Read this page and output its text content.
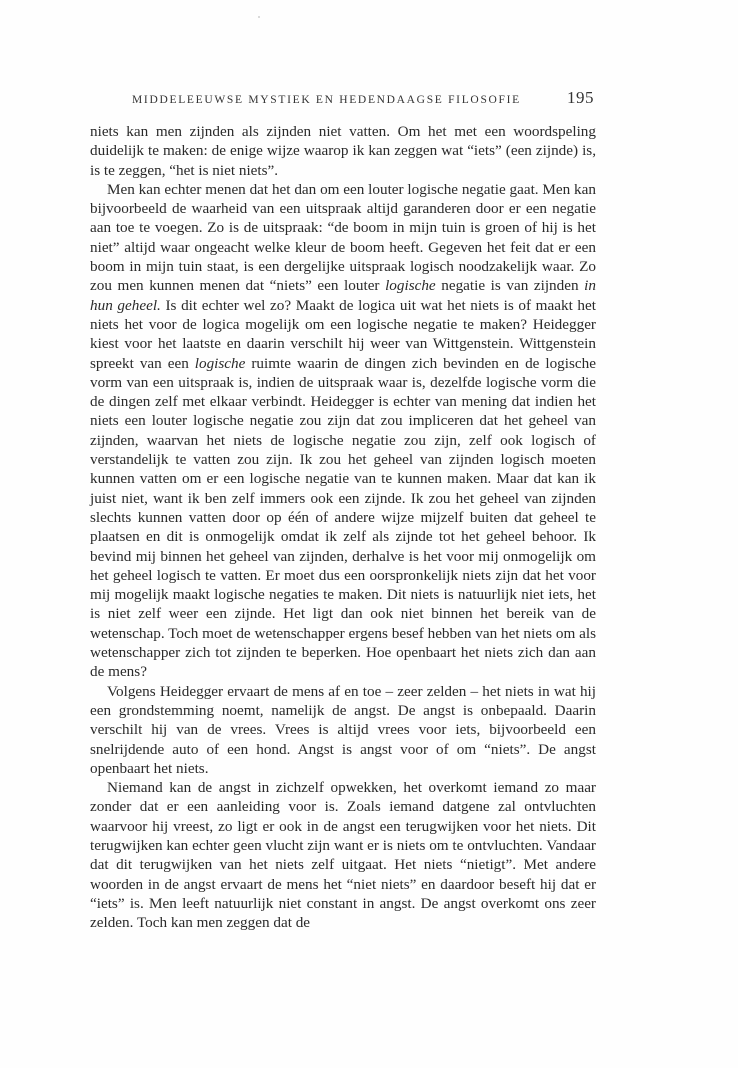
MIDDELEEUWSE MYSTIEK EN HEDENDAAGSE FILOSOFIE	195

niets kan men zijnden als zijnden niet vatten. Om het met een woordspeling duidelijk te maken: de enige wijze waarop ik kan zeggen wat “iets” (een zijnde) is, is te zeggen, “het is niet niets”.

Men kan echter menen dat het dan om een louter logische negatie gaat. Men kan bijvoorbeeld de waarheid van een uitspraak altijd garanderen door er een negatie aan toe te voegen. Zo is de uitspraak: “de boom in mijn tuin is groen of hij is het niet” altijd waar ongeacht welke kleur de boom heeft. Gegeven het feit dat er een boom in mijn tuin staat, is een dergelijke uitspraak logisch noodzakelijk waar. Zo zou men kunnen menen dat “niets” een louter logische negatie is van zijnden in hun geheel. Is dit echter wel zo? Maakt de logica uit wat het niets is of maakt het niets het voor de logica mogelijk om een logische negatie te maken? Heidegger kiest voor het laatste en daarin verschilt hij weer van Wittgenstein. Wittgenstein spreekt van een logische ruimte waarin de dingen zich bevinden en de logische vorm van een uitspraak is, indien de uitspraak waar is, dezelfde logische vorm die de dingen zelf met elkaar verbindt. Heidegger is echter van mening dat indien het niets een louter logische negatie zou zijn dat zou impliceren dat het geheel van zijnden, waarvan het niets de logische negatie zou zijn, zelf ook logisch of verstandelijk te vatten zou zijn. Ik zou het geheel van zijnden logisch moeten kunnen vatten om er een logische negatie van te kunnen maken. Maar dat kan ik juist niet, want ik ben zelf immers ook een zijnde. Ik zou het geheel van zijnden slechts kunnen vatten door op één of andere wijze mijzelf buiten dat geheel te plaatsen en dit is onmogelijk omdat ik zelf als zijnde tot het geheel behoor. Ik bevind mij binnen het geheel van zijnden, derhalve is het voor mij onmogelijk om het geheel logisch te vatten. Er moet dus een oorspronkelijk niets zijn dat het voor mij mogelijk maakt logische negaties te maken. Dit niets is natuurlijk niet iets, het is niet zelf weer een zijnde. Het ligt dan ook niet binnen het bereik van de wetenschap. Toch moet de wetenschapper ergens besef hebben van het niets om als wetenschapper zich tot zijnden te beperken. Hoe openbaart het niets zich dan aan de mens?

Volgens Heidegger ervaart de mens af en toe – zeer zelden – het niets in wat hij een grondstemming noemt, namelijk de angst. De angst is onbepaald. Daarin verschilt hij van de vrees. Vrees is altijd vrees voor iets, bijvoorbeeld een snelrijdende auto of een hond. Angst is angst voor of om “niets”. De angst openbaart het niets.

Niemand kan de angst in zichzelf opwekken, het overkomt iemand zo maar zonder dat er een aanleiding voor is. Zoals iemand datgene zal ontvluchten waarvoor hij vreest, zo ligt er ook in de angst een terugwijken voor het niets. Dit terugwijken kan echter geen vlucht zijn want er is niets om te ontvluchten. Vandaar dat dit terugwijken van het niets zelf uitgaat. Het niets “nietigt”. Met andere woorden in de angst ervaart de mens het “niet niets” en daardoor beseft hij dat er “iets” is. Men leeft natuurlijk niet constant in angst. De angst overkomt ons zeer zelden. Toch kan men zeggen dat de
